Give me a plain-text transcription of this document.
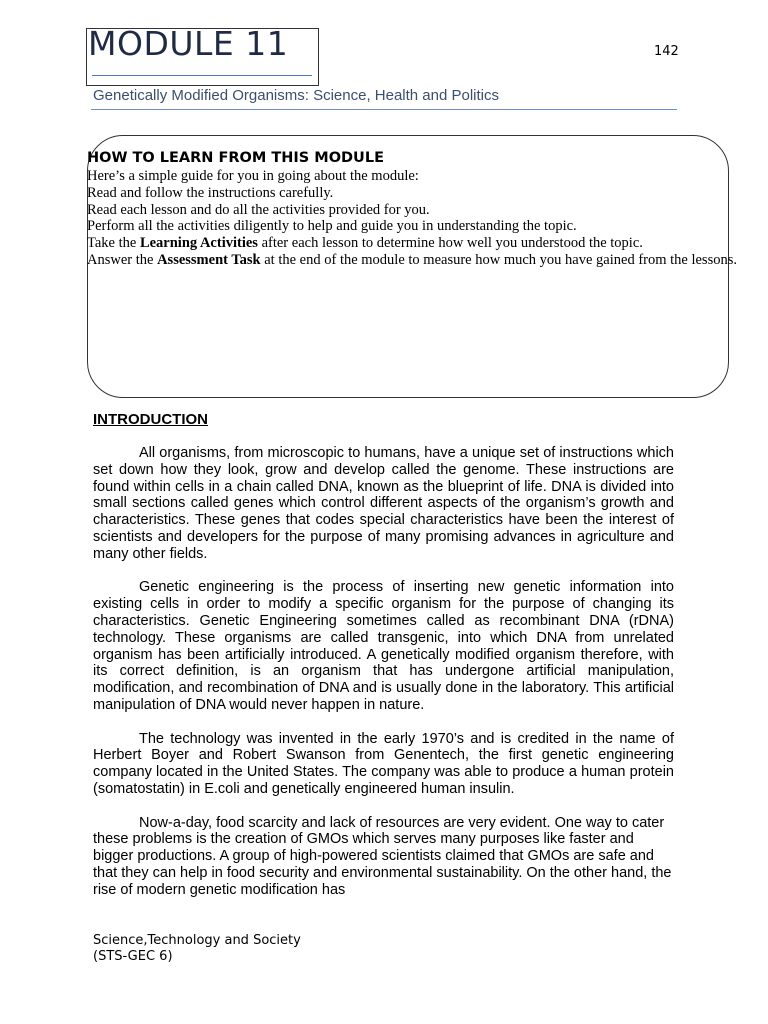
MODULE 11	142
Genetically Modified Organisms: Science, Health and Politics
HOW TO LEARN FROM THIS MODULE
Here’s a simple guide for you in going about the module:
Read and follow the instructions carefully.
Read each lesson and do all the activities provided for you.
Perform all the activities diligently to help and guide you in understanding the topic.
Take the Learning Activities after each lesson to determine how well you understood the topic.
Answer the Assessment Task at the end of the module to measure how much you have gained from the lessons.
INTRODUCTION

All organisms, from microscopic to humans, have a unique set of instructions which set down how they look, grow and develop called the genome. These instructions are found within cells in a chain called DNA, known as the blueprint of life. DNA is divided into small sections called genes which control different aspects of the organism’s growth and characteristics. These genes that codes special characteristics have been the interest of scientists and developers for the purpose of many promising advances in agriculture and many other fields.

Genetic engineering is the process of inserting new genetic information into existing cells in order to modify a specific organism for the purpose of changing its characteristics. Genetic Engineering sometimes called as recombinant DNA (rDNA) technology. These organisms are called transgenic, into which DNA from unrelated organism has been artificially introduced. A genetically modified organism therefore, with its correct definition, is an organism that has undergone artificial manipulation, modification, and recombination of DNA and is usually done in the laboratory. This artificial manipulation of DNA would never happen in nature.

The technology was invented in the early 1970’s and is credited in the name of Herbert Boyer and Robert Swanson from Genentech, the first genetic engineering company located in the United States. The company was able to produce a human protein (somatostatin) in E.coli and genetically engineered human insulin.

Now-a-day, food scarcity and lack of resources are very evident. One way to cater these problems is the creation of GMOs which serves many purposes like faster and bigger productions. A group of high-powered scientists claimed that GMOs are safe and that they can help in food security and environmental sustainability. On the other hand, the rise of modern genetic modification has

Science,Technology and Society
(STS-GEC 6)
